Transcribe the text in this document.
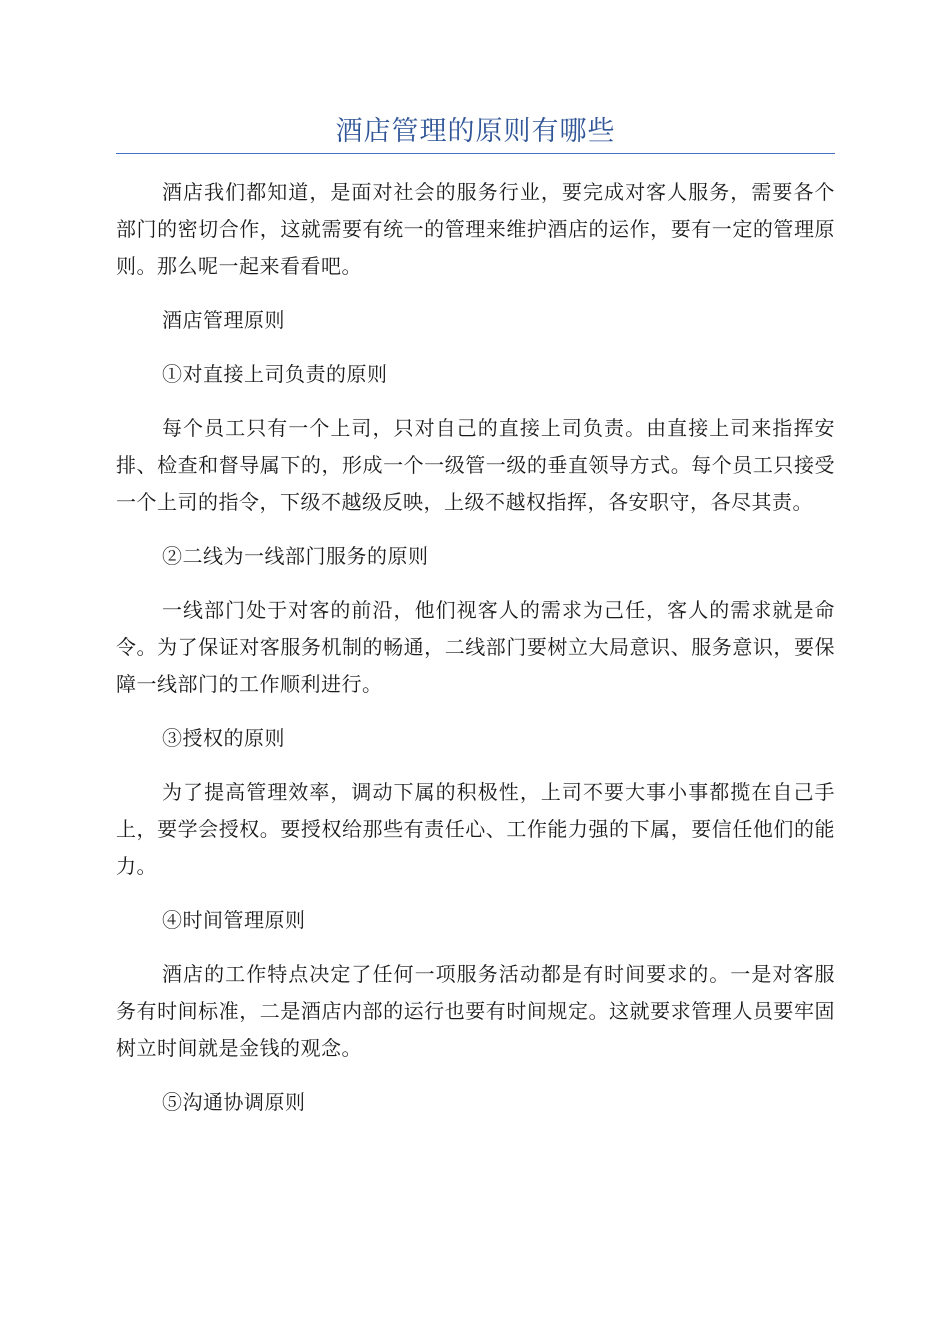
酒店管理的原则有哪些

酒店我们都知道，是面对社会的服务行业，要完成对客人服务，需要各个部门的密切合作，这就需要有统一的管理来维护酒店的运作，要有一定的管理原则。那么呢一起来看看吧。

酒店管理原则

①对直接上司负责的原则

每个员工只有一个上司，只对自己的直接上司负责。由直接上司来指挥安排、检查和督导属下的，形成一个一级管一级的垂直领导方式。每个员工只接受一个上司的指令，下级不越级反映，上级不越权指挥，各安职守，各尽其责。

②二线为一线部门服务的原则

一线部门处于对客的前沿，他们视客人的需求为己任，客人的需求就是命令。为了保证对客服务机制的畅通，二线部门要树立大局意识、服务意识，要保障一线部门的工作顺利进行。

③授权的原则

为了提高管理效率，调动下属的积极性，上司不要大事小事都揽在自己手上，要学会授权。要授权给那些有责任心、工作能力强的下属，要信任他们的能力。

④时间管理原则

酒店的工作特点决定了任何一项服务活动都是有时间要求的。一是对客服务有时间标准，二是酒店内部的运行也要有时间规定。这就要求管理人员要牢固树立时间就是金钱的观念。

⑤沟通协调原则
